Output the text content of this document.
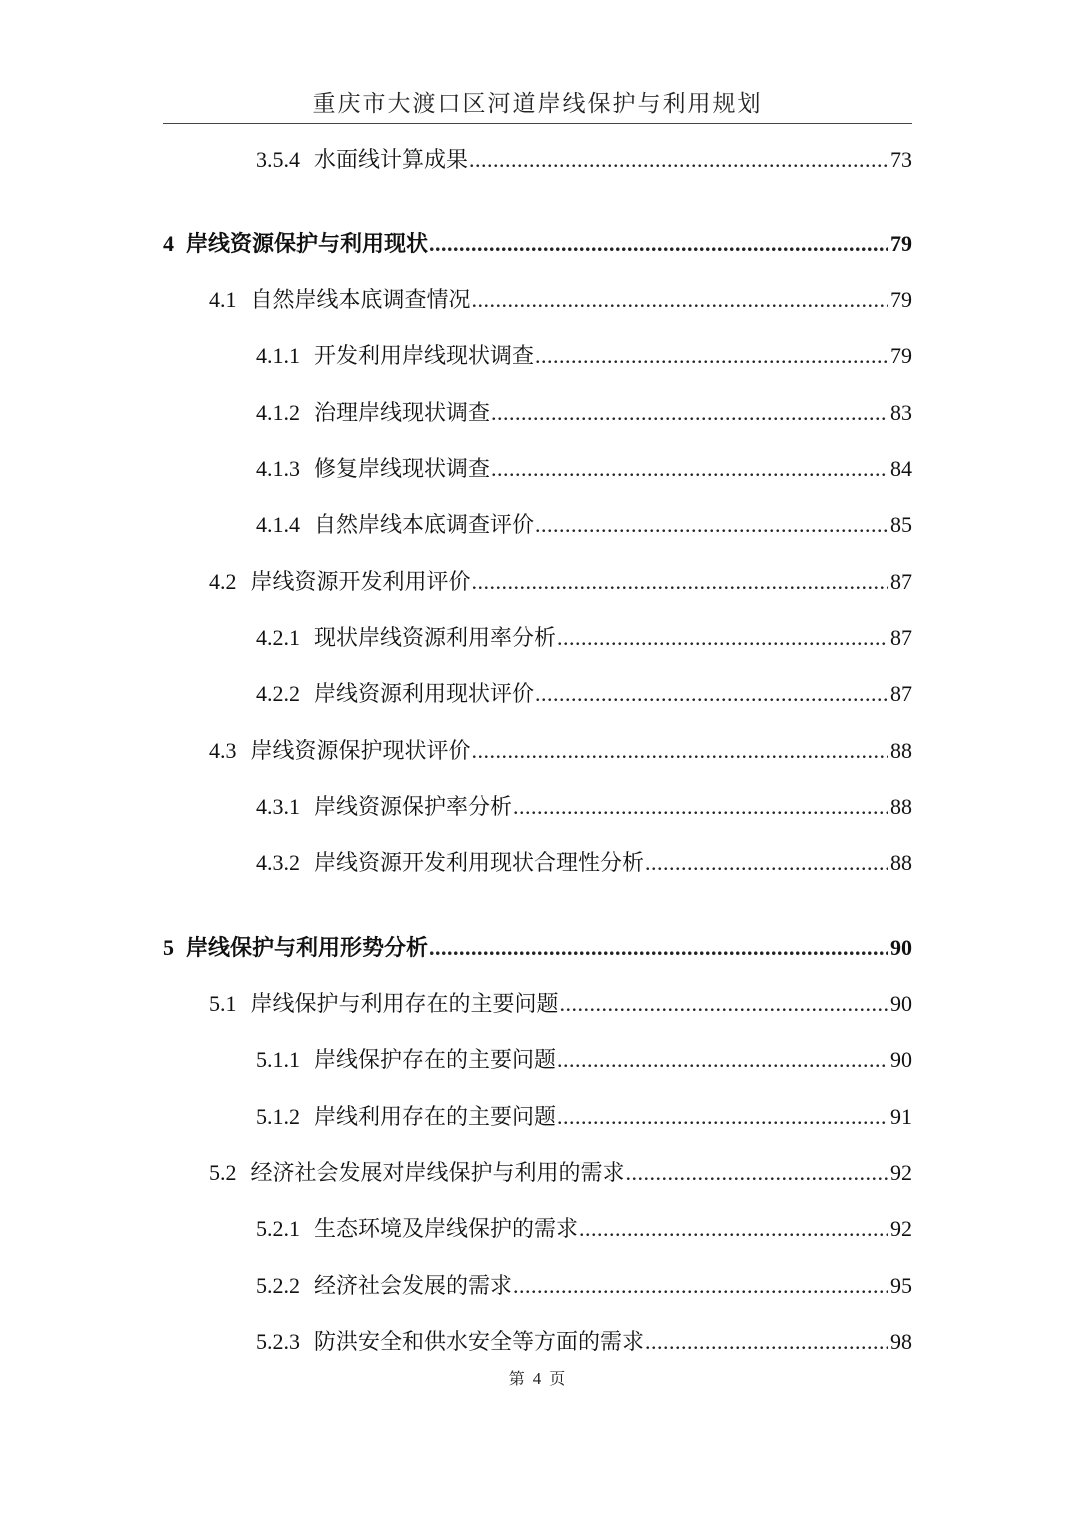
重庆市大渡口区河道岸线保护与利用规划
3.5.4 水面线计算成果 .....	73
4 岸线资源保护与利用现状 .....	79
4.1 自然岸线本底调查情况 .....	79
4.1.1 开发利用岸线现状调查 .....	79
4.1.2 治理岸线现状调查 .....	83
4.1.3 修复岸线现状调查 .....	84
4.1.4 自然岸线本底调查评价 .....	85
4.2 岸线资源开发利用评价 .....	87
4.2.1 现状岸线资源利用率分析 .....	87
4.2.2 岸线资源利用现状评价 .....	87
4.3 岸线资源保护现状评价 .....	88
4.3.1 岸线资源保护率分析 .....	88
4.3.2 岸线资源开发利用现状合理性分析 .....	88
5 岸线保护与利用形势分析 .....	90
5.1 岸线保护与利用存在的主要问题 .....	90
5.1.1 岸线保护存在的主要问题 .....	90
5.1.2 岸线利用存在的主要问题 .....	91
5.2 经济社会发展对岸线保护与利用的需求 .....	92
5.2.1 生态环境及岸线保护的需求 .....	92
5.2.2 经济社会发展的需求 .....	95
5.2.3 防洪安全和供水安全等方面的需求 .....	98
第 4 页
